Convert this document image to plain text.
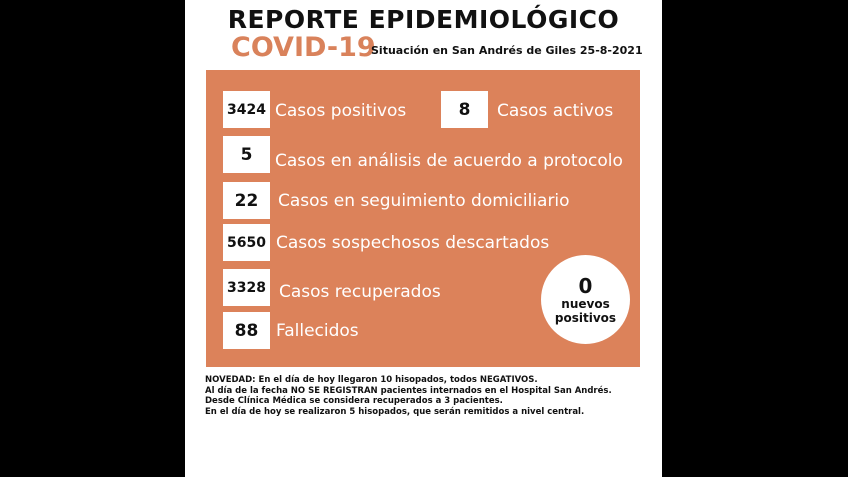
REPORTE EPIDEMIOLÓGICO
COVID-19
Situación en San Andrés de Giles 25-8-2021
3424 Casos positivos	8	Casos activos
5	Casos en análisis de acuerdo a protocolo
22	Casos en seguimiento domiciliario
5650 Casos sospechosos descartados
3328 Casos recuperados
88	Fallecidos
0
nuevos
positivos
NOVEDAD: En el día de hoy llegaron 10 hisopados, todos NEGATIVOS.
Al día de la fecha NO SE REGISTRAN pacientes internados en el Hospital San Andrés.
Desde Clínica Médica se considera recuperados a 3 pacientes.
En el día de hoy se realizaron 5 hisopados, que serán remitidos a nivel central.
